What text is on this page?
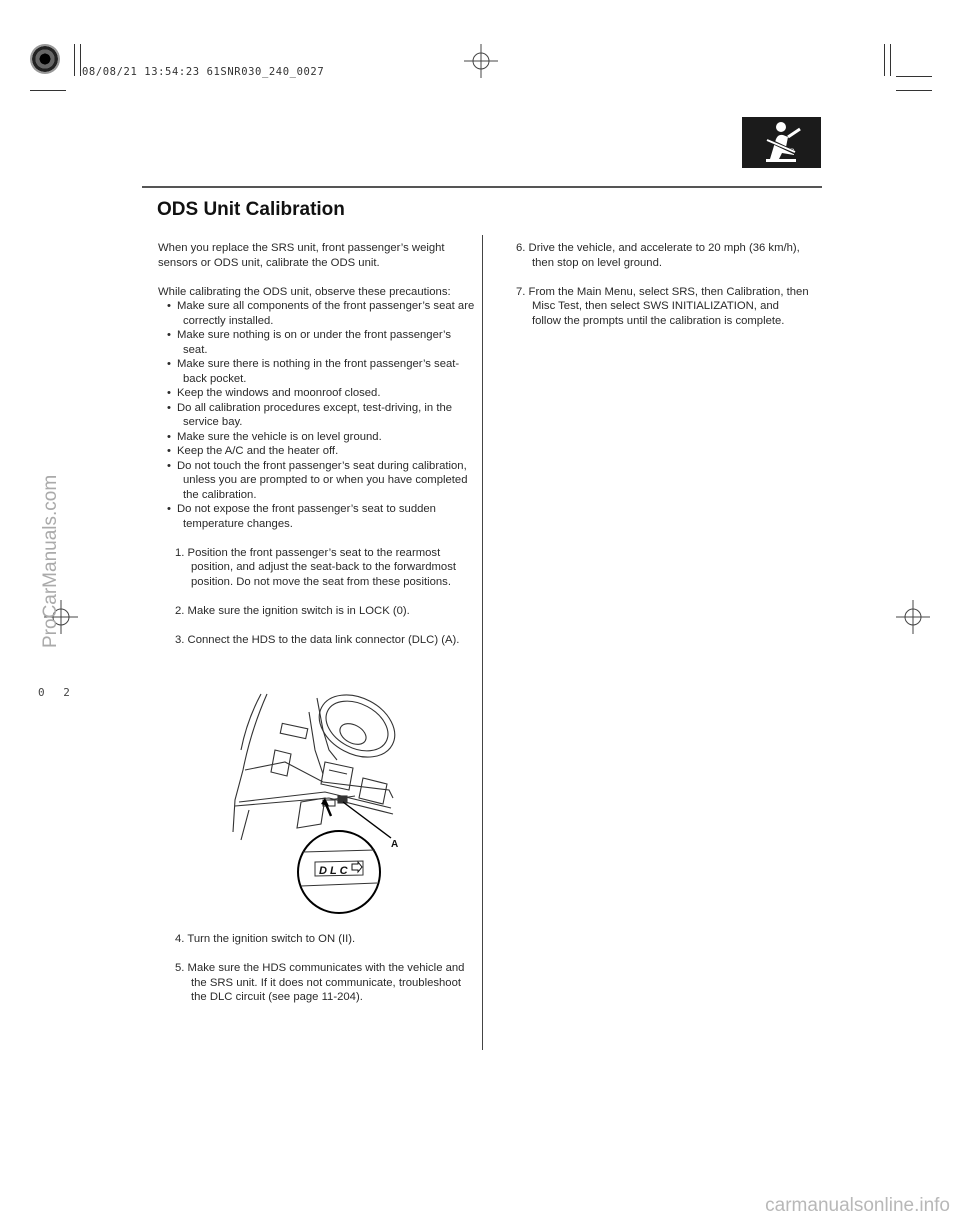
08/08/21 13:54:23 61SNR030_240_0027
ODS Unit Calibration

When you replace the SRS unit, front passenger’s weight sensors or ODS unit, calibrate the ODS unit.

While calibrating the ODS unit, observe these precautions:

• Make sure all components of the front passenger’s seat are correctly installed.

• Make sure nothing is on or under the front passenger’s seat.

• Make sure there is nothing in the front passenger’s seat-back pocket.

• Keep the windows and moonroof closed.

• Do all calibration procedures except, test-driving, in the service bay.

• Make sure the vehicle is on level ground.

• Keep the A/C and the heater off.

• Do not touch the front passenger’s seat during calibration, unless you are prompted to or when you have completed the calibration.

• Do not expose the front passenger’s seat to sudden temperature changes.

1. Position the front passenger’s seat to the rearmost position, and adjust the seat-back to the forwardmost position. Do not move the seat from these positions.

2. Make sure the ignition switch is in LOCK (0).

3. Connect the HDS to the data link connector (DLC) (A).

DLC
A

4. Turn the ignition switch to ON (II).

5. Make sure the HDS communicates with the vehicle and the SRS unit. If it does not communicate, troubleshoot the DLC circuit (see page 11-204).

6. Drive the vehicle, and accelerate to 20 mph (36 km/h), then stop on level ground.

7. From the Main Menu, select SRS, then Calibration, then Misc Test, then select SWS INITIALIZATION, and follow the prompts until the calibration is complete.

0 2
ProCarManuals.com
carmanualsonline.info
